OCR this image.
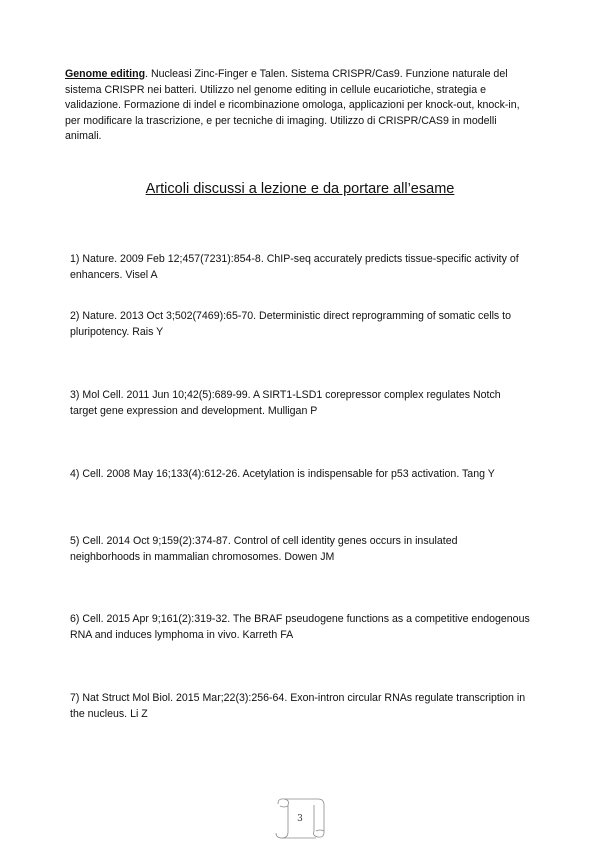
Genome editing. Nucleasi Zinc-Finger e Talen. Sistema CRISPR/Cas9. Funzione naturale del sistema CRISPR nei batteri. Utilizzo nel genome editing in cellule eucariotiche, strategia e validazione. Formazione di indel e ricombinazione omologa, applicazioni per knock-out, knock-in, per modificare la trascrizione, e per tecniche di imaging. Utilizzo di CRISPR/CAS9 in modelli animali.
Articoli discussi a lezione e da portare all’esame
1) Nature. 2009 Feb 12;457(7231):854-8. ChIP-seq accurately predicts tissue-specific activity of enhancers. Visel A
2) Nature. 2013 Oct 3;502(7469):65-70. Deterministic direct reprogramming of somatic cells to pluripotency. Rais Y
3) Mol Cell. 2011 Jun 10;42(5):689-99. A SIRT1-LSD1 corepressor complex regulates Notch target gene expression and development. Mulligan P
4) Cell. 2008 May 16;133(4):612-26. Acetylation is indispensable for p53 activation. Tang Y
5) Cell. 2014 Oct 9;159(2):374-87. Control of cell identity genes occurs in insulated neighborhoods in mammalian chromosomes. Dowen JM
6) Cell. 2015 Apr 9;161(2):319-32. The BRAF pseudogene functions as a competitive endogenous RNA and induces lymphoma in vivo. Karreth FA
7) Nat Struct Mol Biol. 2015 Mar;22(3):256-64. Exon-intron circular RNAs regulate transcription in the nucleus. Li Z
3
